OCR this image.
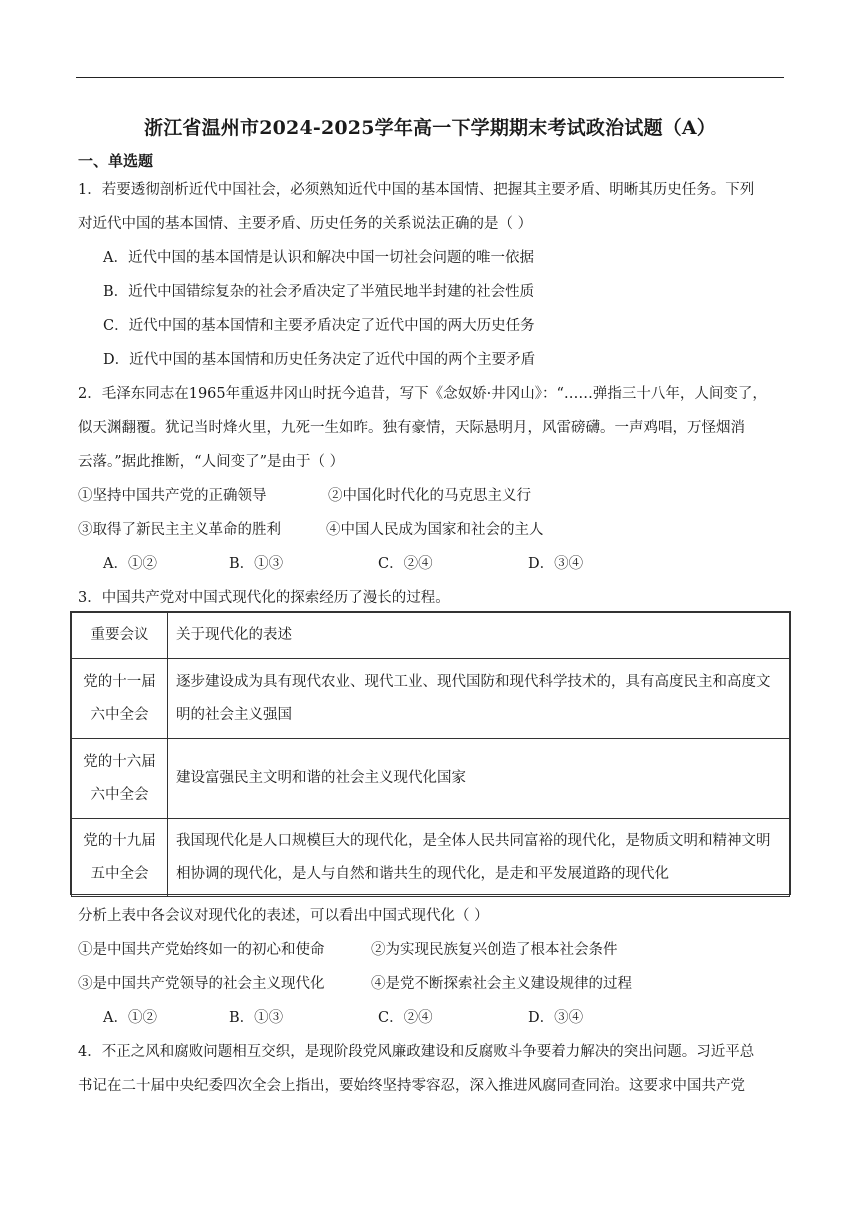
浙江省温州市2024-2025学年高一下学期期末考试政治试题（A）
一、单选题
1．若要透彻剖析近代中国社会，必须熟知近代中国的基本国情、把握其主要矛盾、明晰其历史任务。下列
对近代中国的基本国情、主要矛盾、历史任务的关系说法正确的是（ ）
A．近代中国的基本国情是认识和解决中国一切社会问题的唯一依据
B．近代中国错综复杂的社会矛盾决定了半殖民地半封建的社会性质
C．近代中国的基本国情和主要矛盾决定了近代中国的两大历史任务
D．近代中国的基本国情和历史任务决定了近代中国的两个主要矛盾
2．毛泽东同志在1965年重返井冈山时抚今追昔，写下《念奴娇·井冈山》：“……弹指三十八年，人间变了，
似天渊翻覆。犹记当时烽火里，九死一生如昨。独有豪情，天际悬明月，风雷磅礴。一声鸡唱，万怪烟消
云落。”据此推断，“人间变了”是由于（ ）
①坚持中国共产党的正确领导	②中国化时代化的马克思主义行
③取得了新民主主义革命的胜利	④中国人民成为国家和社会的主人
A．①②	B．①③	C．②④	D．③④
3．中国共产党对中国式现代化的探索经历了漫长的过程。
重要会议	关于现代化的表述

党的十一届
六中全会	逐步建设成为具有现代农业、现代工业、现代国防和现代科学技术的，具有高度民主和高度文明的社会主义强国

党的十六届
六中全会	建设富强民主文明和谐的社会主义现代化国家

党的十九届
五中全会	我国现代化是人口规模巨大的现代化，是全体人民共同富裕的现代化，是物质文明和精神文明相协调的现代化，是人与自然和谐共生的现代化，是走和平发展道路的现代化
分析上表中各会议对现代化的表述，可以看出中国式现代化（ ）
①是中国共产党始终如一的初心和使命	②为实现民族复兴创造了根本社会条件
③是中国共产党领导的社会主义现代化	④是党不断探索社会主义建设规律的过程
A．①②	B．①③	C．②④	D．③④
4．不正之风和腐败问题相互交织，是现阶段党风廉政建设和反腐败斗争要着力解决的突出问题。习近平总
书记在二十届中央纪委四次全会上指出，要始终坚持零容忍，深入推进风腐同查同治。这要求中国共产党
